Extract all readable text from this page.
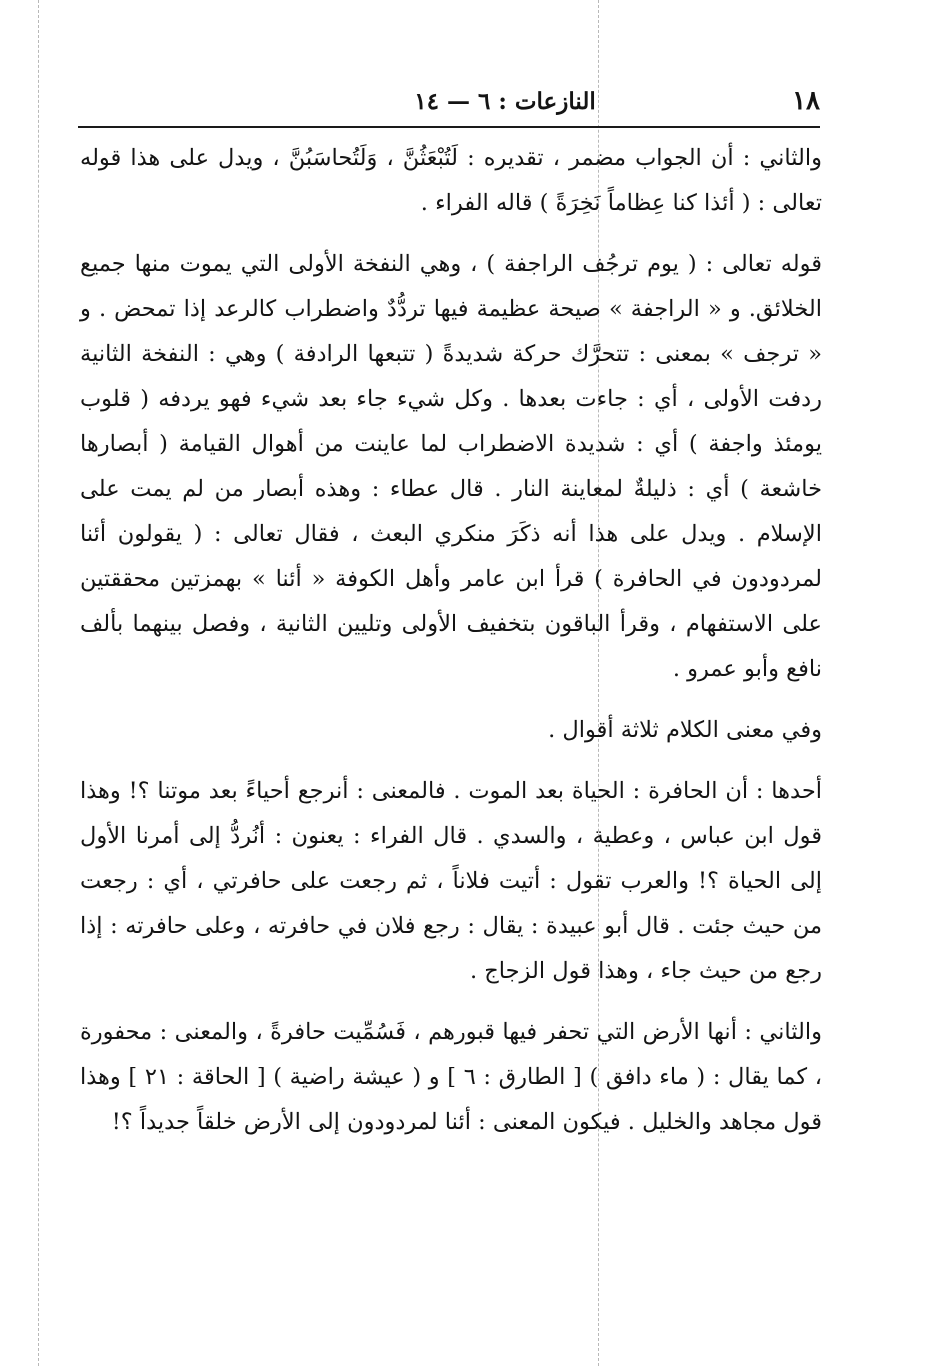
١٨
النازعات : ٦ — ١٤

والثاني : أن الجواب مضمر ، تقديره : لَتُبْعَثُنَّ ، وَلَتُحاسَبُنَّ ، ويدل على هذا قوله تعالى : ( أئذا كنا عِظاماً نَخِرَةً ) قاله الفراء .

قوله تعالى : ( يوم ترجُف الراجفة ) ، وهي النفخة الأولى التي يموت منها جميع الخلائق. و « الراجفة » صيحة عظيمة فيها تردُّدٌ واضطراب كالرعد إذا تمحض . و « ترجف » بمعنى : تتحرَّك حركة شديدةً ( تتبعها الرادفة ) وهي : النفخة الثانية ردفت الأولى ، أي : جاءت بعدها . وكل شيء جاء بعد شيء فهو يردفه ( قلوب يومئذ واجفة ) أي : شديدة الاضطراب لما عاينت من أهوال القيامة ( أبصارها خاشعة ) أي : ذليلةٌ لمعاينة النار . قال عطاء : وهذه أبصار من لم يمت على الإسلام . ويدل على هذا أنه ذكَرَ منكري البعث ، فقال تعالى : ( يقولون أئنا لمردودون في الحافرة ) قرأ ابن عامر وأهل الكوفة « أئنا » بهمزتين محققتين على الاستفهام ، وقرأ الباقون بتخفيف الأولى وتليين الثانية ، وفصل بينهما بألف نافع وأبو عمرو .

وفي معنى الكلام ثلاثة أقوال .

أحدها : أن الحافرة : الحياة بعد الموت . فالمعنى : أنرجع أحياءً بعد موتنا ؟! وهذا قول ابن عباس ، وعطية ، والسدي . قال الفراء : يعنون : أنُردُّ إلى أمرنا الأول إلى الحياة ؟! والعرب تقول : أتيت فلاناً ، ثم رجعت على حافرتي ، أي : رجعت من حيث جئت . قال أبو عبيدة : يقال : رجع فلان في حافرته ، وعلى حافرته : إذا رجع من حيث جاء ، وهذا قول الزجاج .

والثاني : أنها الأرض التي تحفر فيها قبورهم ، فَسُمِّيت حافرةً ، والمعنى : محفورة ، كما يقال : ( ماء دافق ) [ الطارق : ٦ ] و ( عيشة راضية ) [ الحاقة : ٢١ ] وهذا قول مجاهد والخليل . فيكون المعنى : أئنا لمردودون إلى الأرض خلقاً جديداً ؟!
